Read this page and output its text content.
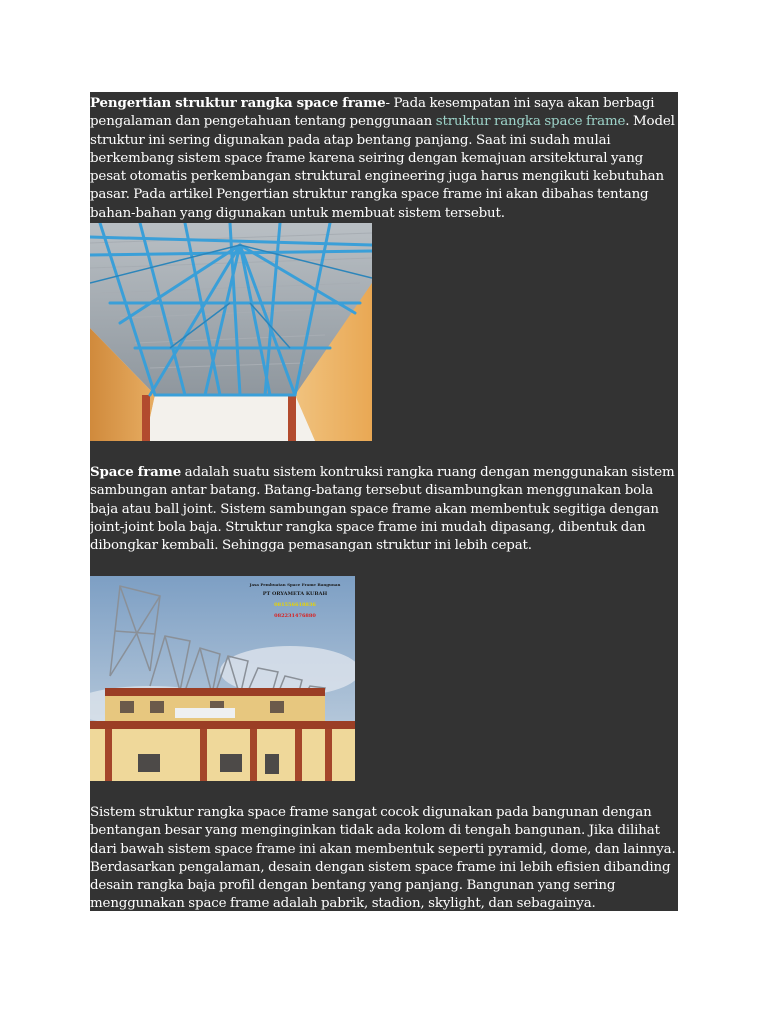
Pengertian struktur rangka space frame- Pada kesempatan ini saya akan berbagi pengalaman dan pengetahuan tentang penggunaan struktur rangka space frame. Model struktur ini sering digunakan pada atap bentang panjang. Saat ini sudah mulai berkembang sistem space frame karena seiring dengan kemajuan arsitektural yang pesat otomatis perkembangan struktural engineering juga harus mengikuti kebutuhan pasar. Pada artikel Pengertian struktur rangka space frame ini akan dibahas tentang bahan-bahan yang digunakan untuk membuat sistem tersebut.

Space frame adalah suatu sistem kontruksi rangka ruang dengan menggunakan sistem sambungan antar batang. Batang-batang tersebut disambungkan menggunakan bola baja atau ball joint. Sistem sambungan space frame akan membentuk segitiga dengan joint-joint bola baja. Struktur rangka space frame ini mudah dipasang, dibentuk dan dibongkar kembali. Sehingga pemasangan struktur ini lebih cepat.

Jasa Pembuatan Space Frame Bangunan
PT ORYAMETA KUBAH
081556618836
082231476880

Sistem struktur rangka space frame sangat cocok digunakan pada bangunan dengan bentangan besar yang menginginkan tidak ada kolom di tengah bangunan. Jika dilihat dari bawah sistem space frame ini akan membentuk seperti pyramid, dome, dan lainnya. Berdasarkan pengalaman, desain dengan sistem space frame ini lebih efisien dibanding desain rangka baja profil dengan bentang yang panjang. Bangunan yang sering menggunakan space frame adalah pabrik, stadion, skylight, dan sebagainya.
